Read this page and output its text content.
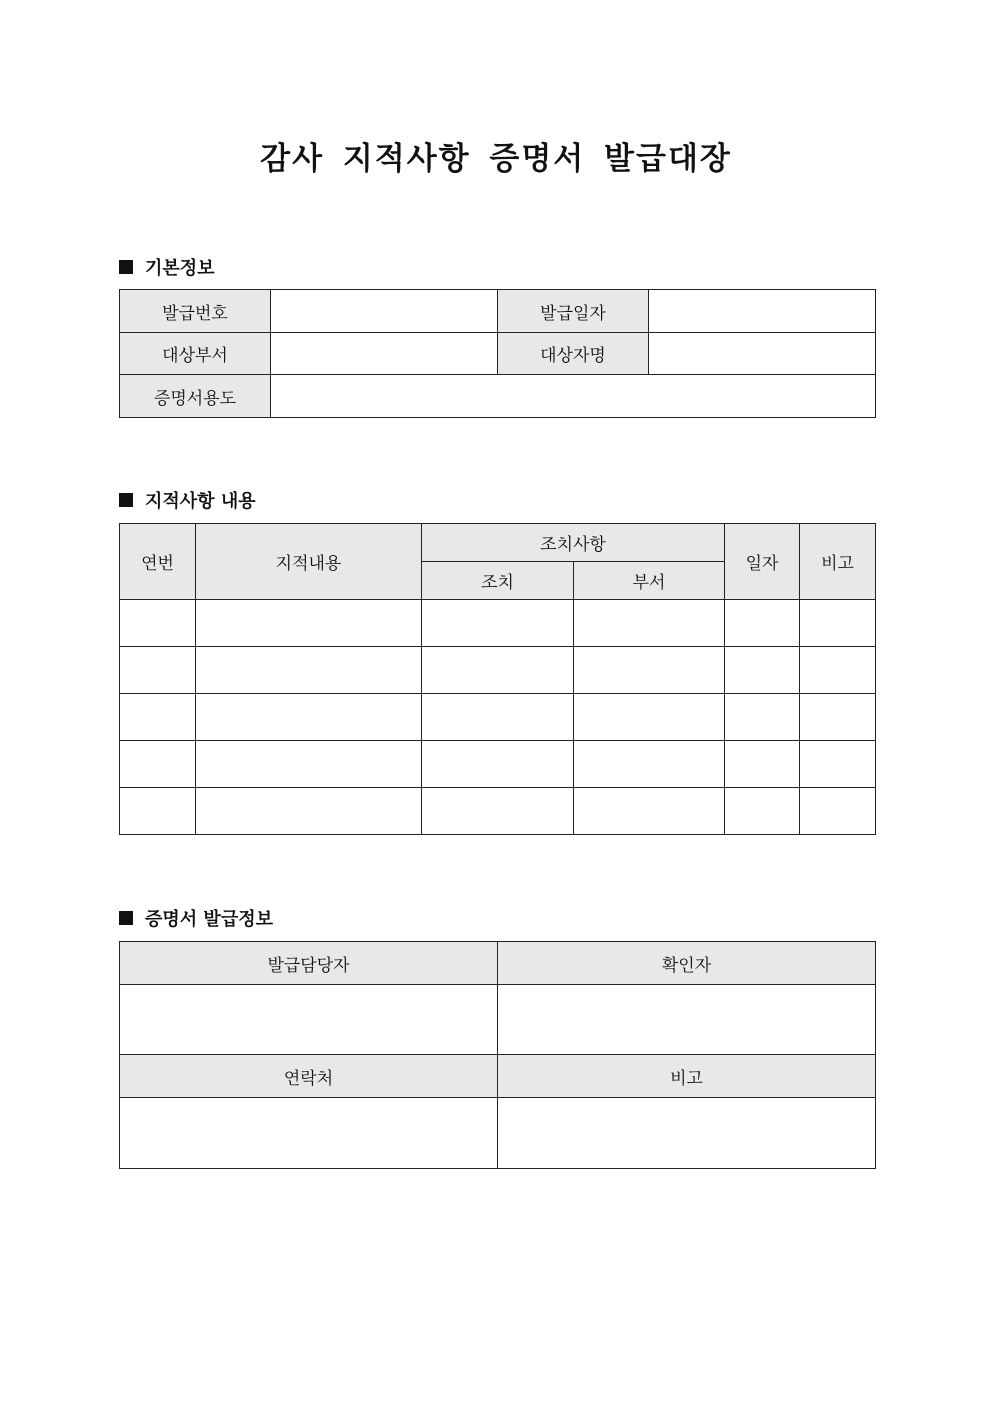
감사 지적사항 증명서 발급대장
기본정보
발급번호		발급일자	
대상부서		대상자명	
증명서용도			
지적사항 내용
연번	지적내용	조치사항		일자	비고
		조치	부서		

증명서 발급정보
발급담당자	확인자

연락처	비고
